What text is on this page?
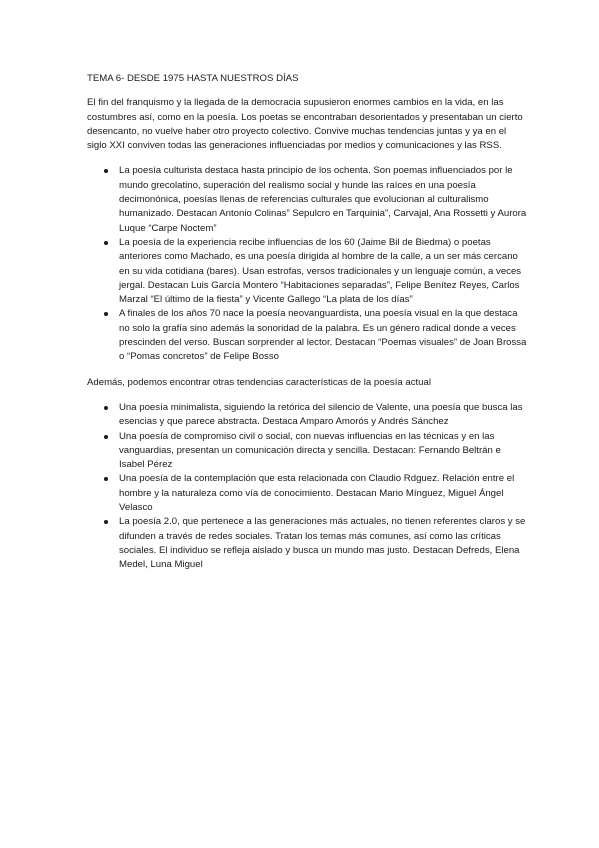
TEMA 6- DESDE 1975 HASTA NUESTROS DÍAS

El fin del franquismo y la llegada de la democracia supusieron enormes cambios en la vida, en las costumbres así, como en la poesía. Los poetas se encontraban desorientados y presentaban un cierto desencanto, no vuelve haber otro proyecto colectivo. Convive muchas tendencias juntas y ya en el siglo XXI conviven todas las generaciones influenciadas por medios y comunicaciones y las RSS.

La poesía culturista destaca hasta principio de los ochenta. Son poemas influenciados por le mundo grecolatino, superación del realismo social y hunde las raíces en una poesía decimonónica, poesías llenas de referencias culturales que evolucionan al culturalismo humanizado. Destacan Antonio Colinas” Sepulcro en Tarquinia”, Carvajal, Ana Rossetti y Aurora Luque “Carpe Noctem”
La poesía de la experiencia recibe influencias de los 60 (Jaime Bil de Biedma) o poetas anteriores como Machado, es una poesía dirigida al hombre de la calle, a un ser más cercano en su vida cotidiana (bares). Usan estrofas, versos tradicionales y un lenguaje común, a veces jergal. Destacan Luis García Montero “Habitaciones separadas”, Felipe Benítez Reyes, Carlos Marzal “El último de la fiesta” y Vicente Gallego “La plata de los días”
A finales de los años 70 nace la poesía neovanguardista, una poesía visual en la que destaca no solo la grafía sino además la sonoridad de la palabra. Es un género radical donde a veces prescinden del verso. Buscan sorprender al lector. Destacan “Poemas visuales” de Joan Brossa o “Pomas concretos” de Felipe Bosso

Además, podemos encontrar otras tendencias características de la poesía actual

Una poesía minimalista, siguiendo la retórica del silencio de Valente, una poesía que busca las esencias y que parece abstracta. Destaca Amparo Amorós y Andrés Sánchez
Una poesía de compromiso civil o social, con nuevas influencias en las técnicas y en las vanguardias, presentan un comunicación directa y sencilla. Destacan: Fernando Beltrán e Isabel Pérez
Una poesía de la contemplación que esta relacionada con Claudio Rdguez. Relación entre el hombre y la naturaleza como vía de conocimiento. Destacan Mario Mínguez, Miguel Ángel Velasco
La poesía 2.0, que pertenece a las generaciones más actuales, no tienen referentes claros y se difunden a través de redes sociales. Tratan los temas más comunes, así como las críticas sociales. El individuo se refleja aislado y busca un mundo mas justo. Destacan Defreds, Elena Medel, Luna Miguel
